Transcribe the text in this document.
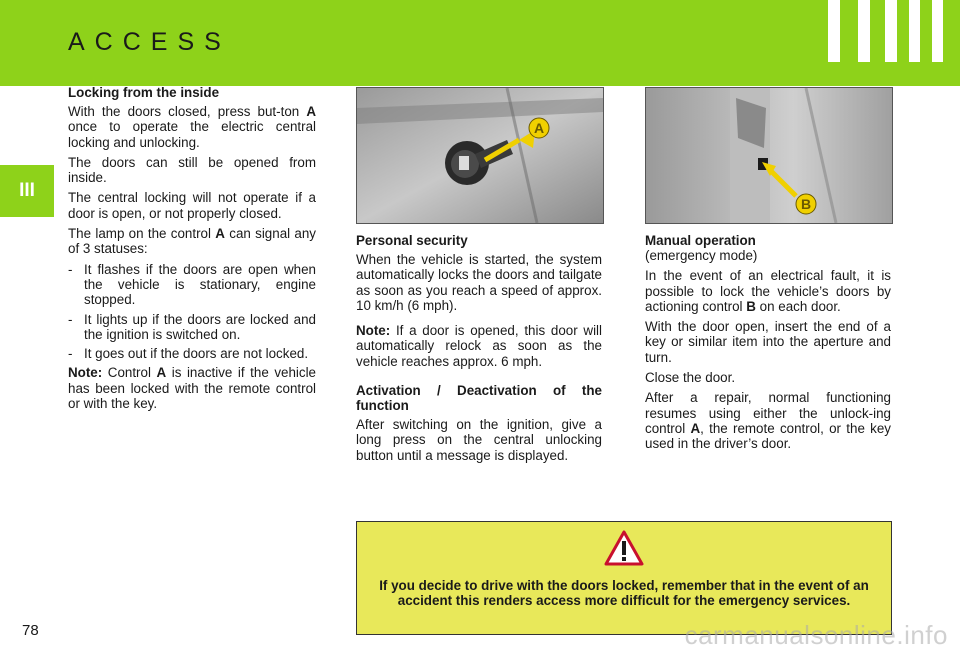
ACCESS
III
Locking from the inside

With the doors closed, press but-ton A once to operate the electric central locking and unlocking.

The doors can still be opened from inside.

The central locking will not operate if a door is open, or not properly closed.

The lamp on the control A can signal any of 3 statuses:

- It flashes if the doors are open when the vehicle is stationary, engine stopped.
- It lights up if the doors are locked and the ignition is switched on.
- It goes out if the doors are not locked.

Note: Control A is inactive if the vehicle has been locked with the remote control or with the key.

A
B
Personal security

When the vehicle is started, the system automatically locks the doors and tailgate as soon as you reach a speed of approx. 10 km/h (6 mph).

Note: If a door is opened, this door will automatically relock as soon as the vehicle reaches approx. 6 mph.

Activation / Deactivation of the function

After switching on the ignition, give a long press on the central unlocking button until a message is displayed.

Manual operation

(emergency mode)

In the event of an electrical fault, it is possible to lock the vehicle’s doors by actioning control B on each door.

With the door open, insert the end of a key or similar item into the aperture and turn.

Close the door.

After a repair, normal functioning resumes using either the unlock-ing control A, the remote control, or the key used in the driver’s door.

If you decide to drive with the doors locked, remember that in the event of an accident this renders access more difficult for the emergency services.
78	carmanualsonline.info
